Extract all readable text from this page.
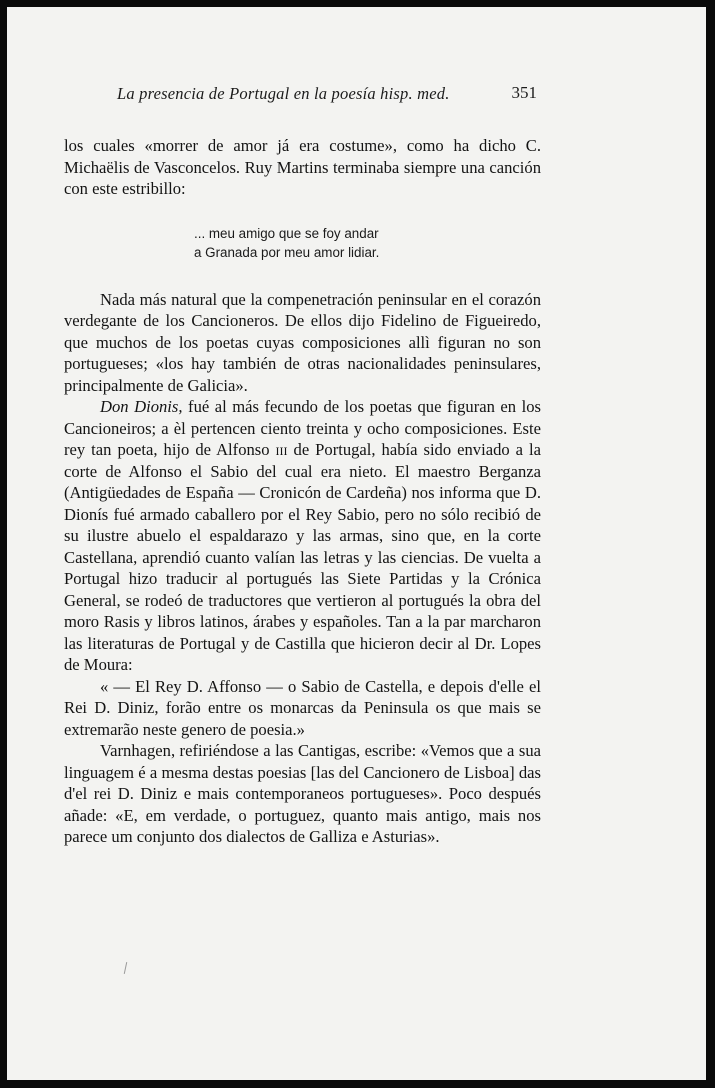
La presencia de Portugal en la poesía hisp. med.	351

los cuales «morrer de amor já era costume», como ha dicho C. Michaëlis de Vasconcelos. Ruy Martins terminaba siempre una canción con este estribillo:

... meu amigo que se foy andar
a Granada por meu amor lidiar.

Nada más natural que la compenetración peninsular en el corazón verdegante de los Cancioneros. De ellos dijo Fidelino de Figueiredo, que muchos de los poetas cuyas composiciones allì figuran no son portugueses; «los hay también de otras nacionalidades peninsulares, principalmente de Galicia».

Don Dionis, fué al más fecundo de los poetas que figuran en los Cancioneiros; a èl pertencen ciento treinta y ocho composiciones. Este rey tan poeta, hijo de Alfonso iii de Portugal, había sido enviado a la corte de Alfonso el Sabio del cual era nieto. El maestro Berganza (Antigüedades de España — Cronicón de Cardeña) nos informa que D. Dionís fué armado caballero por el Rey Sabio, pero no sólo recibió de su ilustre abuelo el espaldarazo y las armas, sino que, en la corte Castellana, aprendió cuanto valían las letras y las ciencias. De vuelta a Portugal hizo traducir al portugués las Siete Partidas y la Crónica General, se rodeó de traductores que vertieron al portugués la obra del moro Rasis y libros latinos, árabes y españoles. Tan a la par marcharon las literaturas de Portugal y de Castilla que hicieron decir al Dr. Lopes de Moura:

« — El Rey D. Affonso — o Sabio de Castella, e depois d'elle el Rei D. Diniz, forão entre os monarcas da Peninsula os que mais se extremarão neste genero de poesia.»

Varnhagen, refiriéndose a las Cantigas, escribe: «Vemos que a sua linguagem é a mesma destas poesias [las del Cancionero de Lisboa] das d'el rei D. Diniz e mais contemporaneos portugueses». Poco después añade: «E, em verdade, o portuguez, quanto mais antigo, mais nos parece um conjunto dos dialectos de Galliza e Asturias».
